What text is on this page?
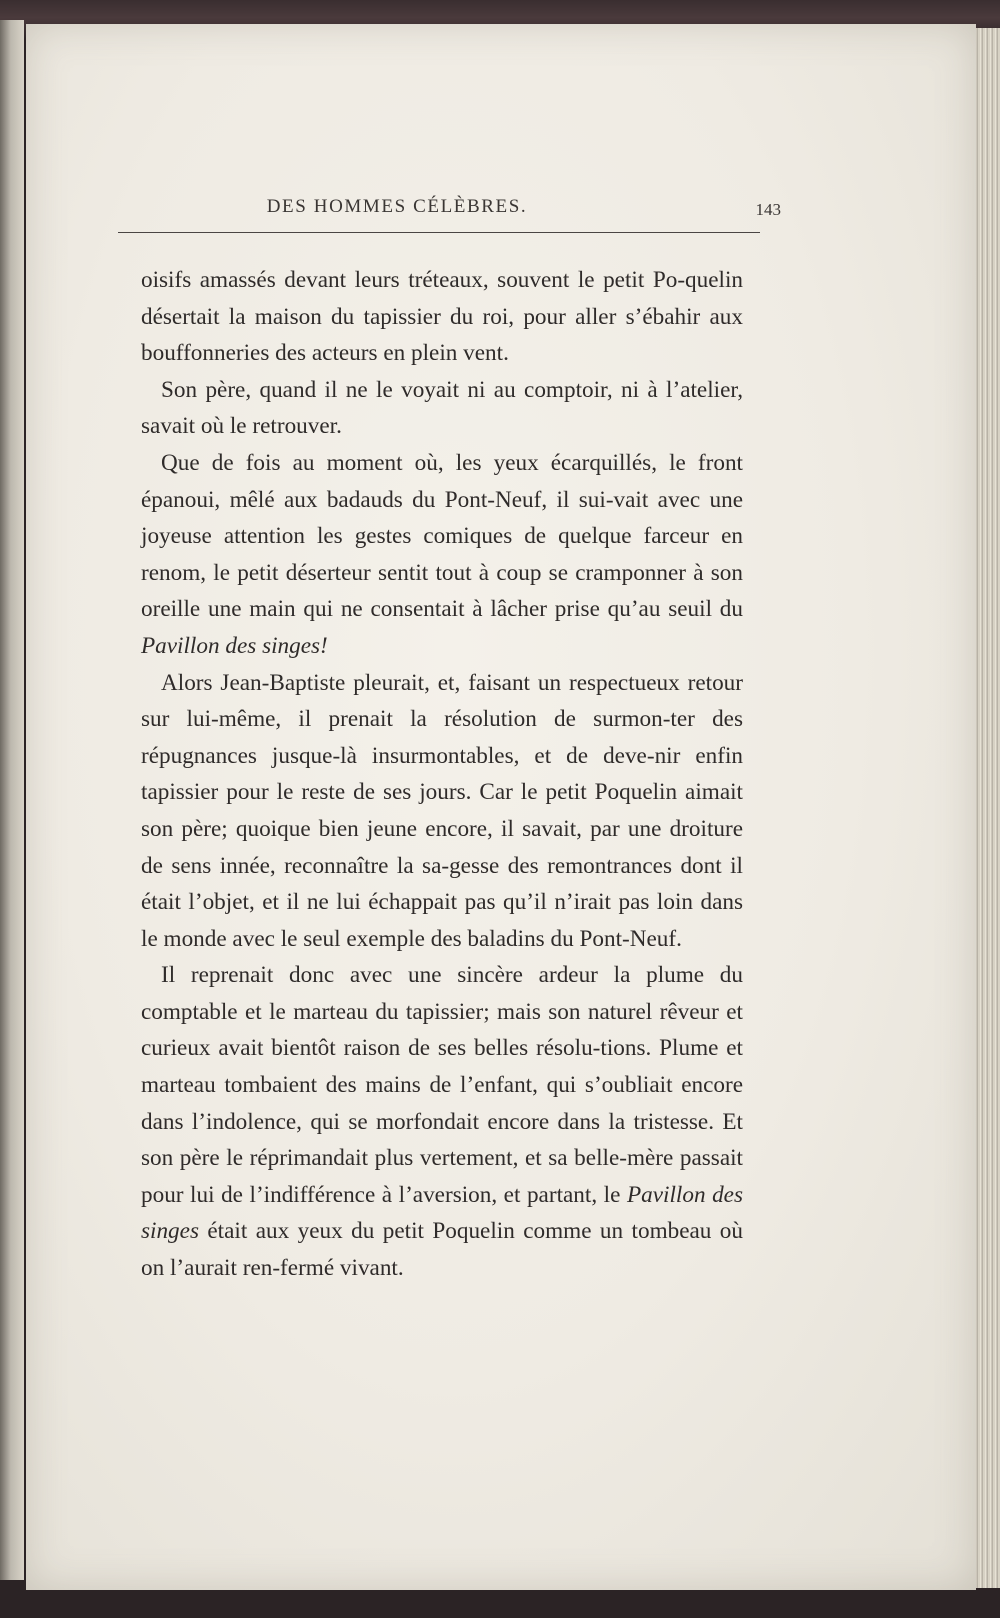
DES HOMMES CÉLÈBRES.	143

oisifs amassés devant leurs tréteaux, souvent le petit Po-quelin désertait la maison du tapissier du roi, pour aller s’ébahir aux bouffonneries des acteurs en plein vent.

Son père, quand il ne le voyait ni au comptoir, ni à l’atelier, savait où le retrouver.

Que de fois au moment où, les yeux écarquillés, le front épanoui, mêlé aux badauds du Pont-Neuf, il sui-vait avec une joyeuse attention les gestes comiques de quelque farceur en renom, le petit déserteur sentit tout à coup se cramponner à son oreille une main qui ne consentait à lâcher prise qu’au seuil du Pavillon des singes!

Alors Jean-Baptiste pleurait, et, faisant un respectueux retour sur lui-même, il prenait la résolution de surmon-ter des répugnances jusque-là insurmontables, et de deve-nir enfin tapissier pour le reste de ses jours. Car le petit Poquelin aimait son père; quoique bien jeune encore, il savait, par une droiture de sens innée, reconnaître la sa-gesse des remontrances dont il était l’objet, et il ne lui échappait pas qu’il n’irait pas loin dans le monde avec le seul exemple des baladins du Pont-Neuf.

Il reprenait donc avec une sincère ardeur la plume du comptable et le marteau du tapissier; mais son naturel rêveur et curieux avait bientôt raison de ses belles résolu-tions. Plume et marteau tombaient des mains de l’enfant, qui s’oubliait encore dans l’indolence, qui se morfondait encore dans la tristesse. Et son père le réprimandait plus vertement, et sa belle-mère passait pour lui de l’indifférence à l’aversion, et partant, le Pavillon des singes était aux yeux du petit Poquelin comme un tombeau où on l’aurait ren-fermé vivant.
